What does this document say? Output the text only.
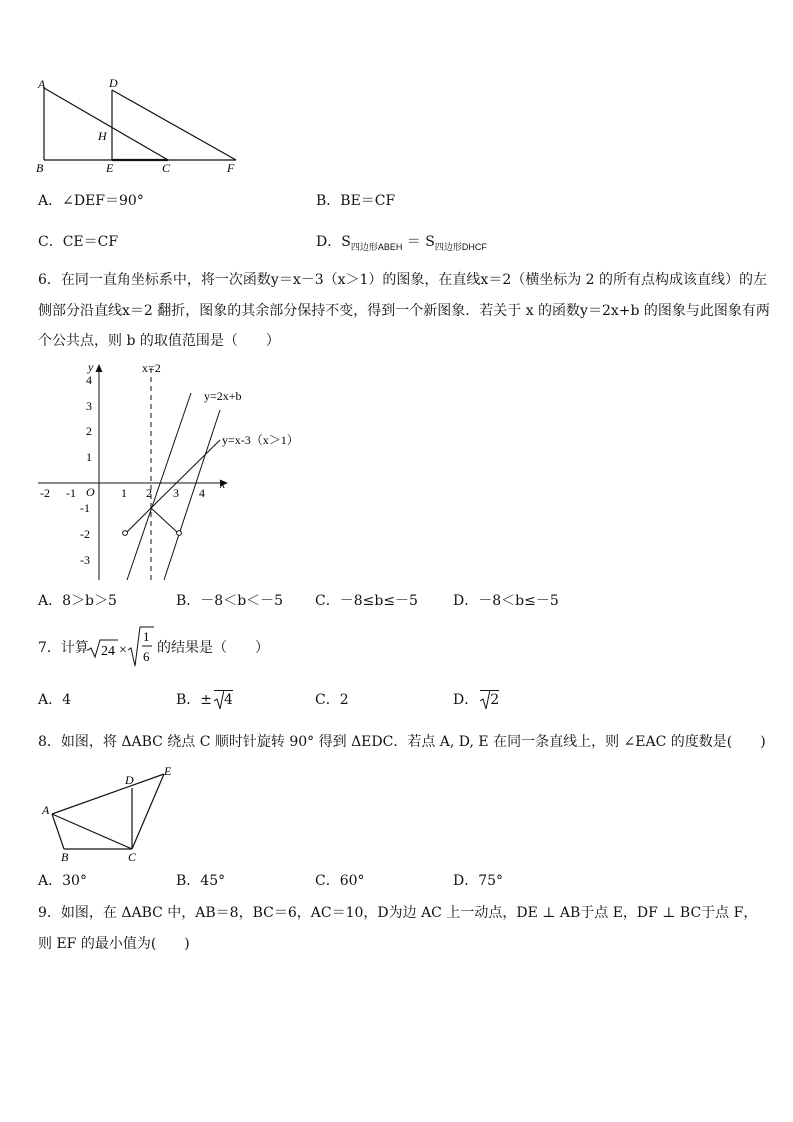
A
B
D
H
E	C	F
A．∠DEF＝90°	B．BE＝CF
C．CE＝CF	D．$S_{四边形ABEH} = S_{四边形DHCF}$
6．在同一直角坐标系中，将一次函数y＝x－3（x＞1）的图象，在直线x＝2（横坐标为 2 的所有点构成该直线）的左
侧部分沿直线x＝2 翻折，图象的其余部分保持不变，得到一个新图象．若关于 x 的函数y＝2x+b 的图象与此图象有两
个公共点，则 b 的取值范围是（　　）
y
x
O
-2 -1	1 2 3 4
4
3
2
1
-1
-2
-3
x=2
y=2x+b
y=x-3（x＞1）
A．8＞b＞5	B．－8＜b＜－5 C．－8≤b≤－5	D．－8＜b≤－5
7．计算 24 ×
1
6
的结果是（　　）
A．4	B．± 4	C．2	D． 2
8．如图，将 ΔABC 绕点 C 顺时针旋转 90° 得到 ΔEDC．若点 A, D, E 在同一条直线上，则 ∠EAC 的度数是(　　)
A
B	C
D
E
A．30°	B．45°	C．60°	D．75°
9．如图，在 ΔABC 中，AB＝8，BC＝6，AC＝10，D为边 AC 上一动点，DE ⊥ AB于点 E，DF ⊥ BC于点 F，
则 EF 的最小值为(　　)
